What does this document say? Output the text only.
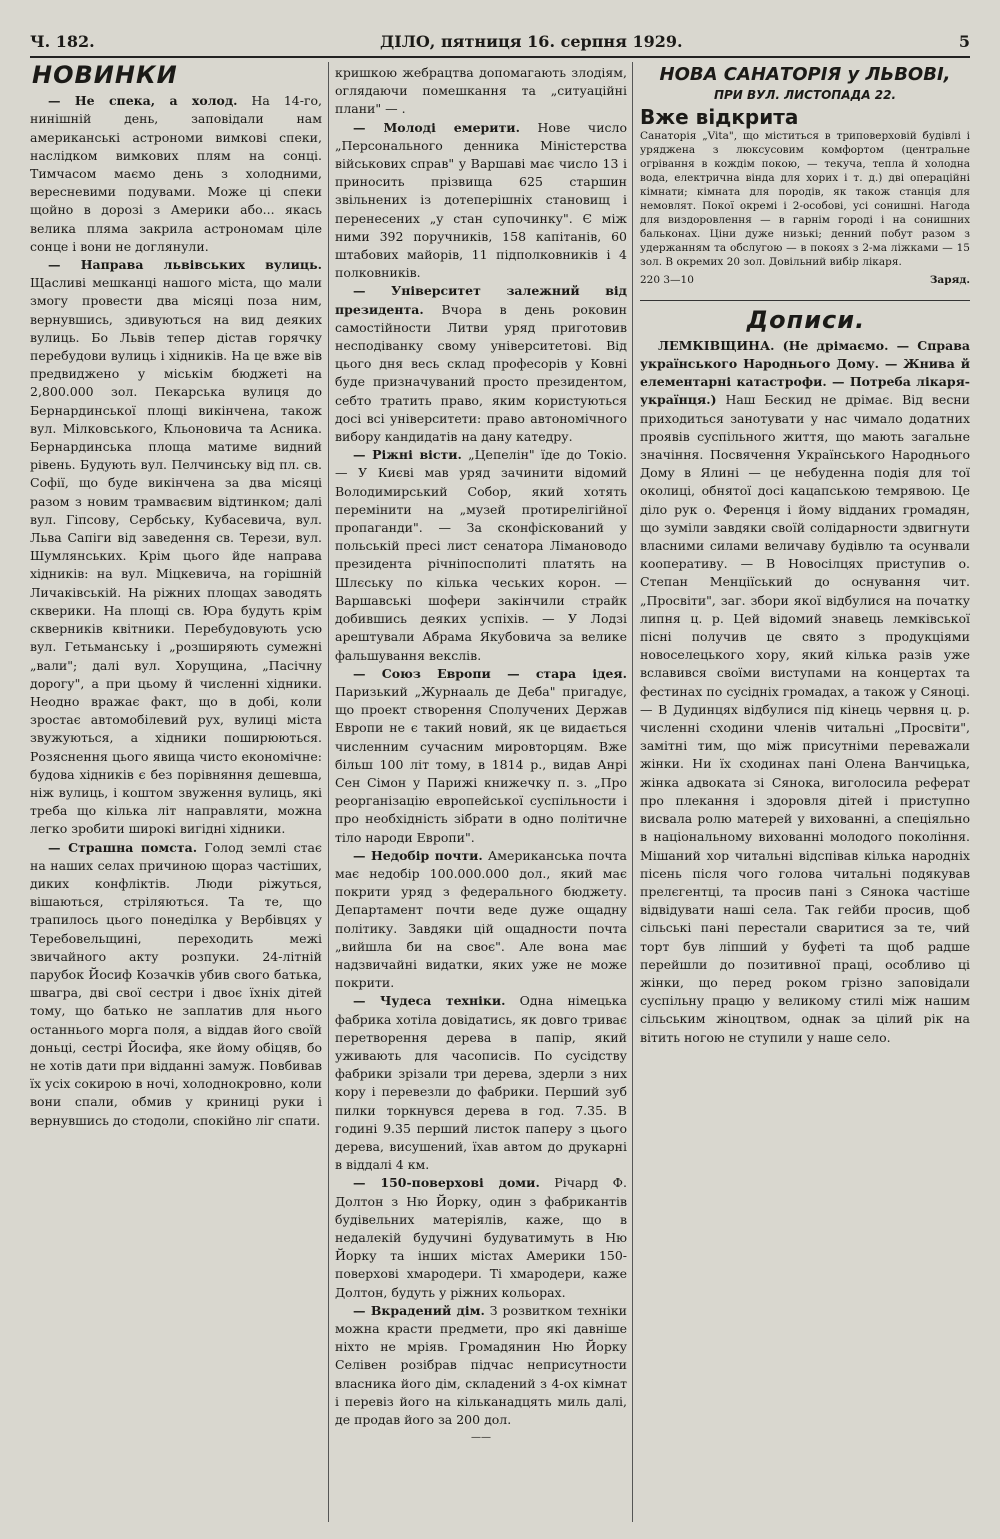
Ч. 182.	ДІЛО, пятниця 16. серпня 1929.	5
НОВИНКИ

— Не спека, а холод. На 14-го, нинішній день, заповідали нам американські астрономи вимкові спеки, наслідком вимкових плям на сонці. Тимчасом маємо день з холодними, вересневими подувами. Може ці спеки щойно в дорозі з Америки або... якась велика пляма закрила астрономам ціле сонце і вони не доглянули.

— Направа львівських вулиць. Щасливі мешканці нашого міста, що мали змогу провести два місяці поза ним, вернувшись, здивуються на вид деяких вулиць. Бо Львів тепер дістав горячку перебудови вулиць і хідників. На це вже вів предвиджено у міськім бюджеті на 2,800.000 зол. Пекарська вулиця до Бернардинської площі викінчена, також вул. Мілковського, Кльоновича та Асника. Бернардинська площа матиме видний рівень. Будують вул. Пелчинську від пл. св. Софії, що буде викінчена за два місяці разом з новим трамваєвим відтинком; далі вул. Гіпсову, Сербську, Кубасевича, вул. Льва Сапіги від заведення св. Терези, вул. Шумлянських. Крім цього йде направа хідників: на вул. Міцкевича, на горішній Личаківській. На ріжних площах заводять скверики. На площі св. Юра будуть крім скверників квітники. Перебудовують усю вул. Гетьманську і „розширяють сумежні „вали"; далі вул. Хорущина, „Пасічну дорогу", а при цьому й численні хідники. Неодно вражає факт, що в добі, коли зростає автомобілевий рух, вулиці міста звужуються, а хідники поширюються. Розяснення цього явища чисто економічне: будова хідників є без порівняння дешевша, ніж вулиць, і коштом звуження вулиць, які треба що кілька літ направляти, можна легко зробити широкі вигідні хідники.

— Страшна помста. Голод землі стає на наших селах причиною щораз частіших, диких конфліктів. Люди ріжуться, вішаються, стріляються. Та те, що трапилось цього понеділка у Вербівцях у Теребовельщині, переходить межі звичайного акту розпуки. 24-літній парубок Йосиф Козачків убив свого батька, швагра, дві свої сестри і двоє їхніх дітей тому, що батько не заплатив для нього останнього морга поля, а віддав його своїй доньці, сестрі Йосифа, яке йому обіцяв, бо не хотів дати при відданні замуж. Повбивав їх усіх сокирою в ночі, холоднокровно, коли вони спали, обмив у криниці руки і вернувшись до стодоли, спокійно ліг спати.

кришкою жебрацтва допомагають злодіям, оглядаючи помешкання та „ситуаційні плани" — .

— Молоді емерити. Нове число „Персонального денника Міністерства військових справ" у Варшаві має число 13 і приносить прізвища 625 старшин звільнених із дотеперішніх становищ і перенесених „у стан супочинку". Є між ними 392 поручників, 158 капітанів, 60 штабових майорів, 11 підполковників і 4 полковників.

— Університет залежний від президента. Вчора в день роковин самостійности Литви уряд приготовив несподіванку свому університетові. Від цього дня весь склад професорів у Ковні буде призначуваний просто президентом, себто тратить право, яким користуються досі всі університети: право автономічного вибору кандидатів на дану катедру.

— Ріжні вісти. „Цепелін" їде до Токіо. — У Києві мав уряд зачинити відомий Володимирський Собор, який хотять перемінити на „музей протирелігійної пропаганди". — За сконфіскований у польській пресі лист сенатора Лімановодо президента річніпосполиті платять на Шлєську по кілька чеських корон. — Варшавські шофери закінчили страйк добившись деяких успіхів. — У Лодзі арештували Абрама Якубовича за велике фальшування векслів.

— Союз Европи — стара ідея. Паризький „Журнааль де Деба" пригадує, що проект створення Сполучених Держав Европи не є такий новий, як це видається численним сучасним мировторцям. Вже більш 100 літ тому, в 1814 р., видав Анрі Сен Сімон у Парижі книжечку п. з. „Про реорганізацію европейської суспільности і про необхідність зібрати в одно політичне тіло народи Европи".

— Недобір почти. Американська почта має недобір 100.000.000 дол., який має покрити уряд з федерального бюджету. Департамент почти веде дуже ощадну політику. Завдяки цій ощадности почта „вийшла би на своє". Але вона має надзвичайні видатки, яких уже не може покрити.

— Чудеса техніки. Одна німецька фабрика хотіла довідатись, як довго триває перетворення дерева в папір, який уживають для часописів. По сусідству фабрики зрізали три дерева, здерли з них кору і перевезли до фабрики. Перший зуб пилки торкнувся дерева в год. 7.35. В годині 9.35 перший листок паперу з цього дерева, висушений, їхав автом до друкарні в віддалі 4 км.

— 150-поверхові доми. Річард Ф. Долтон з Ню Йорку, один з фабрикантів будівельних матеріялів, каже, що в недалекій будучині будуватимуть в Ню Йорку та інших містах Америки 150-поверхові хмародери. Ті хмародери, каже Долтон, будуть у ріжних кольорах.

— Вкрадений дім. З розвитком техніки можна красти предмети, про які давніше ніхто не мріяв. Громадянин Ню Йорку Селівен розібрав підчас неприсутности власника його дім, складений з 4-ох кімнат і перевіз його на кільканадцять миль далі, де продав його за 200 дол.

——
НОВА САНАТОРІЯ у ЛЬВОВІ,
ПРИ ВУЛ. ЛИСТОПАДА 22.
Вже відкрита
Санаторія „Vita", що міститься в триповерховій будівлі і уряджена з люксусовим комфортом (центральне огрівання в кождім покою, — текуча, тепла й холодна вода, електрична вінда для хорих і т. д.) дві операційні кімнати; кімната для породів, як також станція для немовлят. Покої окремі і 2-особові, усі сонишні. Нагода для виздоровлення — в гарнім городі і на сонишних бальконах. Ціни дуже низькі; денний побут разом з удержанням та обслугою — в покоях з 2-ма ліжками — 15 зол. В окремих 20 зол. Довільний вибір лікаря.
220 3—10	Заряд.
Дописи.

ЛЕМКІВЩИНА. (Не дрімаємо. — Справа українського Народнього Дому. — Жнива й елементарні катастрофи. — Потреба лікаря-українця.) Наш Бескид не дрімає. Від весни приходиться занотувати у нас чимало додатних проявів суспільного життя, що мають загальне значіння. Посвячення Українського Народнього Дому в Ялині — це небуденна подія для тої околиці, обнятої досі кацапською темрявою. Це діло рук о. Ференця і йому відданих громадян, що зуміли завдяки своїй солідарности здвигнути власними силами величаву будівлю та осунвали кооперативу. — В Новосілцях приступив о. Степан Менціїський до оснування чит. „Просвіти", заг. збори якої відбулися на початку липня ц. р. Цей відомий знавець лемківської пісні получив це свято з продукціями новоселецького хору, який кілька разів уже вславився своїми виступами на концертах та фестинах по сусідніх громадах, а також у Сяноці. — В Дудинцях відбулися під кінець червня ц. р. численні сходини членів читальні „Просвіти", замітні тим, що між присутніми переважали жінки. Ни їх сходинах пані Олена Ванчицька, жінка адвоката зі Сянока, виголосила реферат про плекання і здоровля дітей і приступно висвала ролю матерей у вихованні, а спеціяльно в національному вихованні молодого покоління. Мішаний хор читальні відспівав кілька народніх пісень після чого голова читальні подякував прелєгентці, та просив пані з Сянока частіше відвідувати наші села. Так гейби просив, щоб сільські пані перестали сваритися за те, чий торт був ліпший у буфеті та щоб радше перейшли до позитивної праці, особливо ці жінки, що перед роком грізно заповідали суспільну працю у великому стилі між нашим сільським жіноцтвом, однак за цілий рік на вітить ногою не ступили у наше село.
